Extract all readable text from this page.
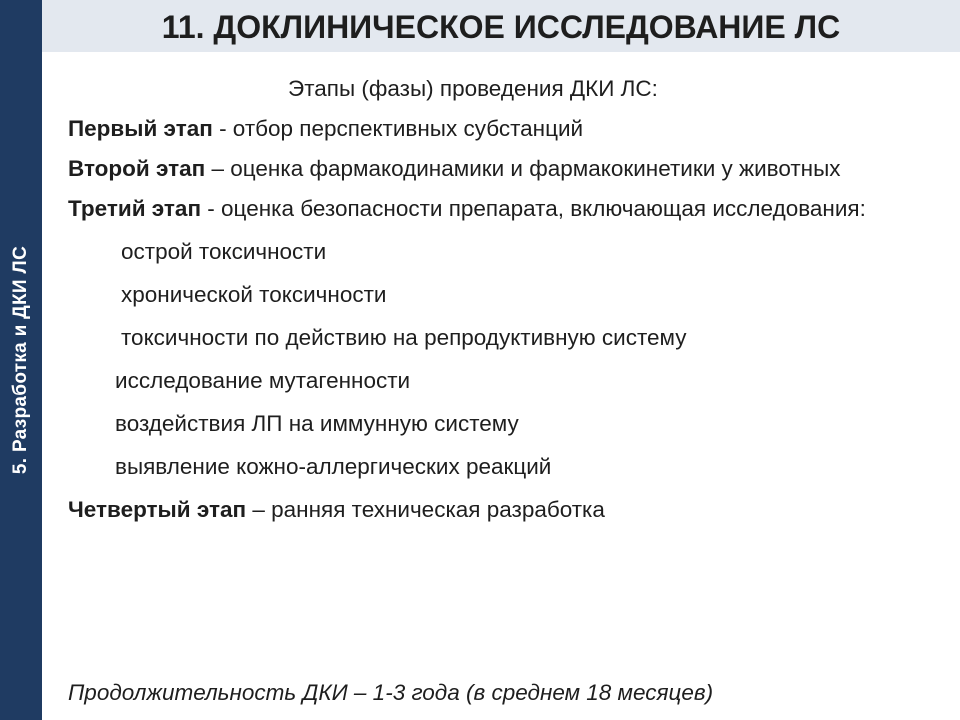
5. Разработка и ДКИ ЛС
11. ДОКЛИНИЧЕСКОЕ ИССЛЕДОВАНИЕ ЛС
Этапы (фазы) проведения ДКИ ЛС:
Первый этап - отбор перспективных субстанций
Второй этап – оценка фармакодинамики и фармакокинетики у животных
Третий этап - оценка безопасности препарата, включающая исследования:
острой токсичности
хронической токсичности
токсичности по действию на репродуктивную систему
исследование мутагенности
воздействия ЛП на иммунную систему
выявление кожно-аллергических реакций
Четвертый этап – ранняя техническая разработка
Продолжительность ДКИ – 1-3 года (в среднем 18 месяцев)
